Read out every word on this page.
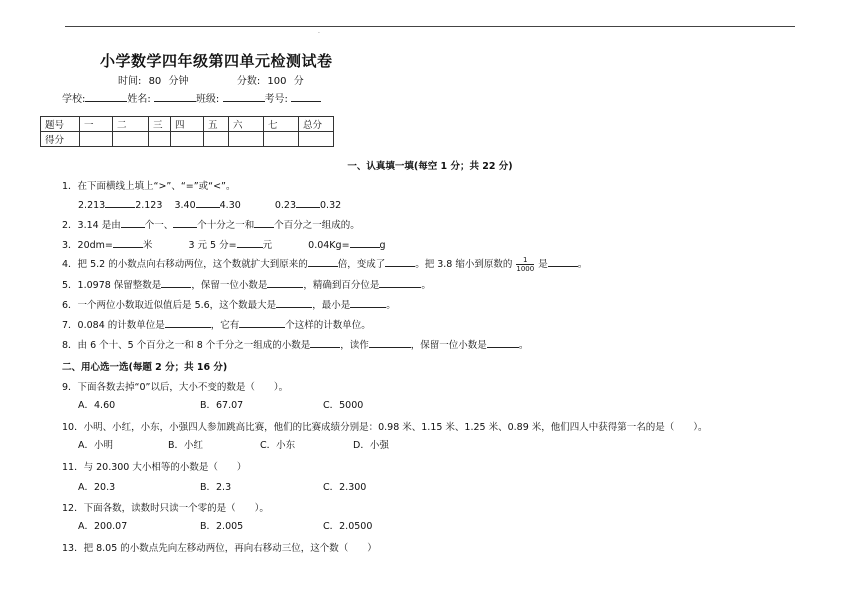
·
小学数学四年级第四单元检测试卷
时间: 80 分钟	分数: 100 分
学校:	姓名:	班级:	考号:
题号	一	二	三	四	五	六	七	总分
得分								
一、认真填一填(每空 1 分；共 22 分)
1．在下面横线上填上“>”、“=”或“<”。
2.213	2.123 3.40	4.30	0.23	0.32
2．3.14 是由	个一、	个十分之一和 个百分之一组成的。
3．20dm=	米	3 元 5 分=	元	0.04Kg=	g
4．把 5.2 的小数点向右移动两位，这个数就扩大到原来的	倍，变成了	。把 3.8 缩小到原数的 $\frac{1}{1000}$ 是	。
5．1.0978 保留整数是	，保留一位小数是	，精确到百分位是	。
6．一个两位小数取近似值后是 5.6，这个数最大是	，最小是	。
7．0.084 的计数单位是	，它有	个这样的计数单位。
8．由 6 个十、5 个百分之一和 8 个千分之一组成的小数是	，读作	，保留一位小数是	。
二、用心选一选(每题 2 分；共 16 分)
9．下面各数去掉“0”以后，大小不变的数是（　　）。
A．4.60	B．67.07	C．5000
10．小明、小红，小东，小强四人参加跳高比赛，他们的比赛成绩分别是：0.98 米、1.15 米、1.25 米、0.89 米，他们四人中获得第一名的是（　　）。
A．小明	B．小红	C．小东	D．小强
11．与 20.300 大小相等的小数是（　　）
A．20.3	B．2.3	C．2.300
12．下面各数，读数时只读一个零的是（　　）。
A．200.07	B．2.005	C．2.0500
13．把 8.05 的小数点先向左移动两位，再向右移动三位，这个数（　　）
